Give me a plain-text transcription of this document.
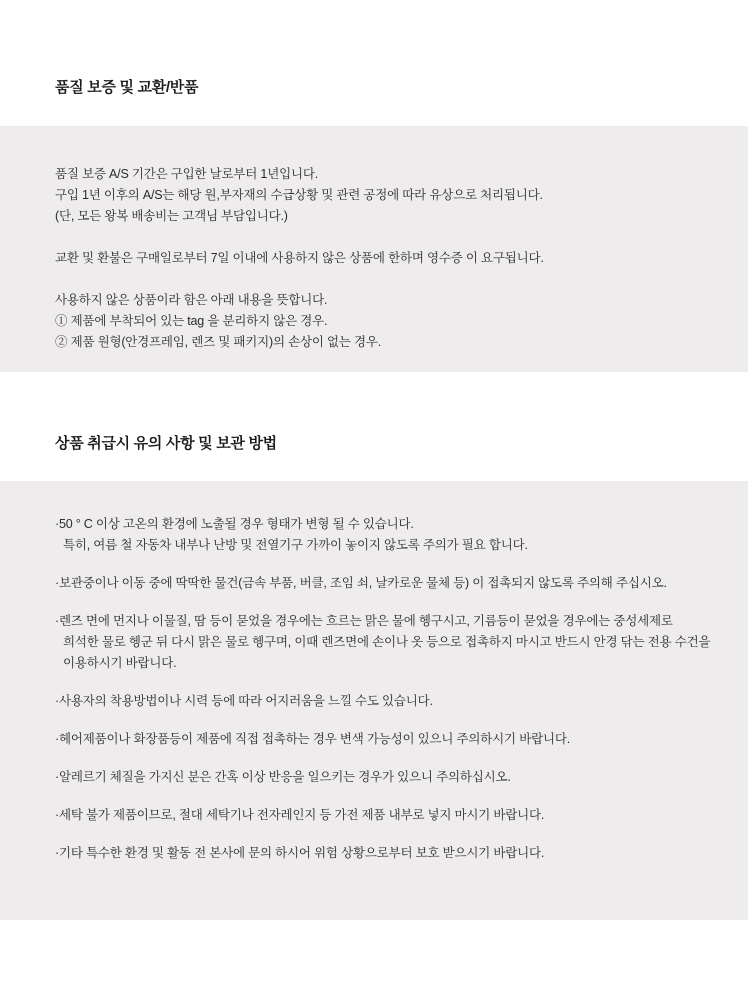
품질 보증 및 교환/반품
품질 보증 A/S 기간은 구입한 날로부터 1년입니다.
구입 1년 이후의 A/S는 해당 원,부자재의 수급상황 및 관련 공정에 따라 유상으로 처리됩니다.
(단, 모든 왕복 배송비는 고객님 부담입니다.)
교환 및 환불은 구매일로부터 7일 이내에 사용하지 않은 상품에 한하며 영수증 이 요구됩니다.
사용하지 않은 상품이라 함은 아래 내용을 뜻합니다.
① 제품에 부착되어 있는 tag 을 분리하지 않은 경우.
② 제품 원형(안경프레임, 렌즈 및 패키지)의 손상이 없는 경우.
상품 취급시 유의 사항 및 보관 방법
·50 ° C 이상 고온의 환경에 노출될 경우 형태가 변형 될 수 있습니다.
특히, 여름 철 자동차 내부나 난방 및 전열기구 가까이 놓이지 않도록 주의가 필요 합니다.
·보관중이나 이동 중에 딱딱한 물건(금속 부품, 버클, 조임 쇠, 날카로운 물체 등) 이 접촉되지 않도록 주의해 주십시오.
·렌즈 면에 먼지나 이물질, 땀 등이 묻었을 경우에는 흐르는 맑은 물에 헹구시고, 기름등이 묻었을 경우에는 중성세제로
희석한 물로 헹군 뒤 다시 맑은 물로 헹구며, 이때 렌즈면에 손이나 옷 등으로 접촉하지 마시고 반드시 안경 닦는 전용 수건을
이용하시기 바랍니다.
·사용자의 착용방법이나 시력 등에 따라 어지러움을 느낄 수도 있습니다.
·헤어제품이나 화장품등이 제품에 직접 접촉하는 경우 변색 가능성이 있으니 주의하시기 바랍니다.
·알레르기 체질을 가지신 분은 간혹 이상 반응을 일으키는 경우가 있으니 주의하십시오.
·세탁 불가 제품이므로, 절대 세탁기나 전자레인지 등 가전 제품 내부로 넣지 마시기 바랍니다.
·기타 특수한 환경 및 활동 전 본사에 문의 하시어 위험 상황으로부터 보호 받으시기 바랍니다.
